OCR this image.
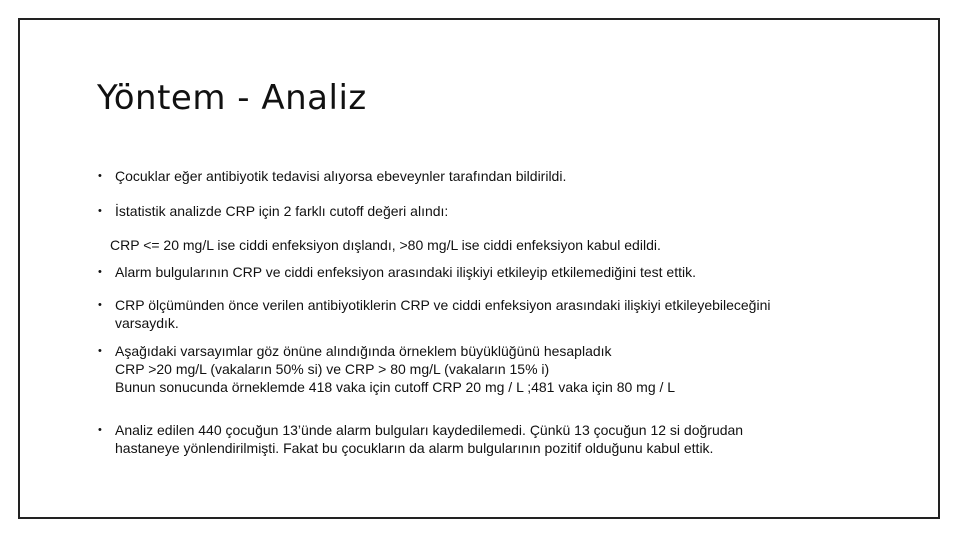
Yöntem - Analiz
• Çocuklar eğer antibiyotik tedavisi alıyorsa ebeveynler tarafından bildirildi.
• İstatistik analizde CRP için 2 farklı cutoff değeri alındı:
CRP <= 20 mg/L ise ciddi enfeksiyon dışlandı, >80 mg/L ise ciddi enfeksiyon kabul edildi.
• Alarm bulgularının CRP ve ciddi enfeksiyon arasındaki ilişkiyi etkileyip etkilemediğini test ettik.
• CRP ölçümünden önce verilen antibiyotiklerin CRP ve ciddi enfeksiyon arasındaki ilişkiyi etkileyebileceğini
varsaydık.
• Aşağıdaki varsayımlar göz önüne alındığında örneklem büyüklüğünü hesapladık
CRP >20 mg/L (vakaların 50% si) ve CRP > 80 mg/L (vakaların 15% i)
Bunun sonucunda örneklemde 418 vaka için cutoff CRP 20 mg / L ;481 vaka için 80 mg / L
• Analiz edilen 440 çocuğun 13’ünde alarm bulguları kaydedilemedi. Çünkü 13 çocuğun 12 si doğrudan
hastaneye yönlendirilmişti. Fakat bu çocukların da alarm bulgularının pozitif olduğunu kabul ettik.
